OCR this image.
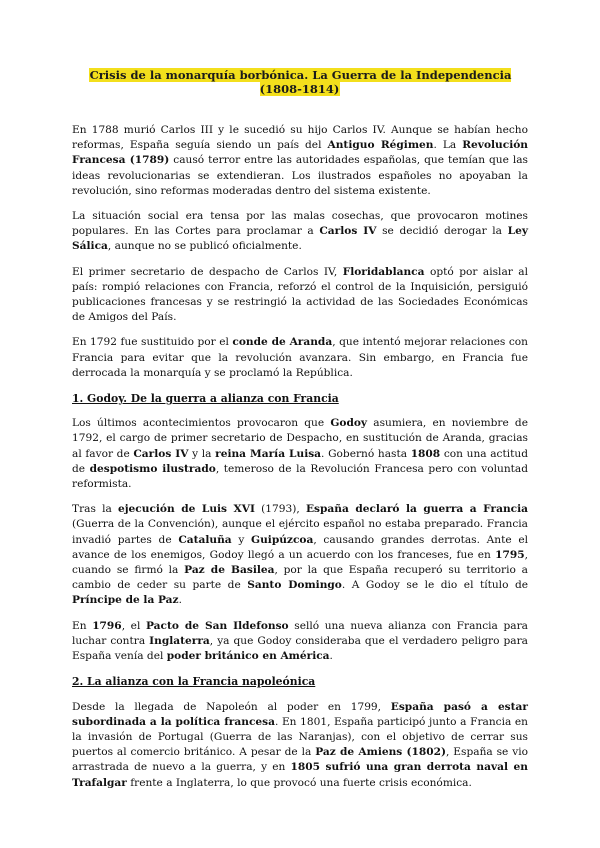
Crisis de la monarquía borbónica. La Guerra de la Independencia (1808-1814)

En 1788 murió Carlos III y le sucedió su hijo Carlos IV. Aunque se habían hecho reformas, España seguía siendo un país del Antiguo Régimen. La Revolución Francesa (1789) causó terror entre las autoridades españolas, que temían que las ideas revolucionarias se extendieran. Los ilustrados españoles no apoyaban la revolución, sino reformas moderadas dentro del sistema existente.

La situación social era tensa por las malas cosechas, que provocaron motines populares. En las Cortes para proclamar a Carlos IV se decidió derogar la Ley Sálica, aunque no se publicó oficialmente.

El primer secretario de despacho de Carlos IV, Floridablanca optó por aislar al país: rompió relaciones con Francia, reforzó el control de la Inquisición, persiguió publicaciones francesas y se restringió la actividad de las Sociedades Económicas de Amigos del País.

En 1792 fue sustituido por el conde de Aranda, que intentó mejorar relaciones con Francia para evitar que la revolución avanzara. Sin embargo, en Francia fue derrocada la monarquía y se proclamó la República.

1. Godoy. De la guerra a alianza con Francia

Los últimos acontecimientos provocaron que Godoy asumiera, en noviembre de 1792, el cargo de primer secretario de Despacho, en sustitución de Aranda, gracias al favor de Carlos IV y la reina María Luisa. Gobernó hasta 1808 con una actitud de despotismo ilustrado, temeroso de la Revolución Francesa pero con voluntad reformista.

Tras la ejecución de Luis XVI (1793), España declaró la guerra a Francia (Guerra de la Convención), aunque el ejército español no estaba preparado. Francia invadió partes de Cataluña y Guipúzcoa, causando grandes derrotas. Ante el avance de los enemigos, Godoy llegó a un acuerdo con los franceses, fue en 1795, cuando se firmó la Paz de Basilea, por la que España recuperó su territorio a cambio de ceder su parte de Santo Domingo. A Godoy se le dio el título de Príncipe de la Paz.

En 1796, el Pacto de San Ildefonso selló una nueva alianza con Francia para luchar contra Inglaterra, ya que Godoy consideraba que el verdadero peligro para España venía del poder británico en América.

2. La alianza con la Francia napoleónica

Desde la llegada de Napoleón al poder en 1799, España pasó a estar subordinada a la política francesa. En 1801, España participó junto a Francia en la invasión de Portugal (Guerra de las Naranjas), con el objetivo de cerrar sus puertos al comercio británico. A pesar de la Paz de Amiens (1802), España se vio arrastrada de nuevo a la guerra, y en 1805 sufrió una gran derrota naval en Trafalgar frente a Inglaterra, lo que provocó una fuerte crisis económica.
